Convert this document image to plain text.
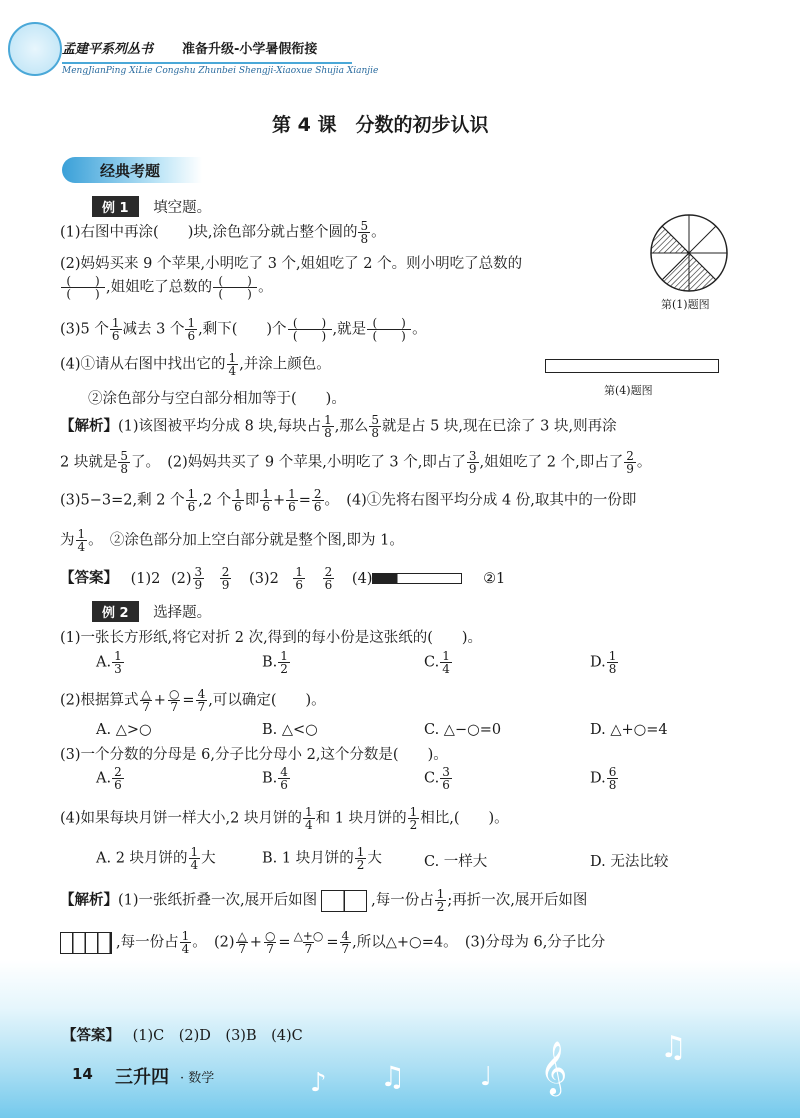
孟建平系列丛书 准备升级-小学暑假衔接
MengJianPing XiLie Congshu Zhunbei Shengji-Xiaoxue Shujia Xianjie
第 4 课　分数的初步认识
经典考题
例 1 填空题。
(1)右图中再涂(　　)块,涂色部分就占整个圆的 $\frac{5}{8}$ 。
(2)妈妈买来 9 个苹果,小明吃了 3 个,姐姐吃了 2 个。则小明吃了总数的
$\frac{( )}{( )}$ ,姐姐吃了总数的 $\frac{( )}{( )}$ 。
(3)5 个 $\frac{1}{6}$ 减去 3 个 $\frac{1}{6}$ ,剩下(　　)个 $\frac{( )}{( )}$ ,就是 $\frac{( )}{( )}$ 。
(4)①请从右图中找出它的 $\frac{1}{4}$ ,并涂上颜色。
②涂色部分与空白部分相加等于(　　)。
第(1)题图
第(4)题图
【解析】(1)该图被平均分成 8 块,每块占 $\frac{1}{8}$ ,那么 $\frac{5}{8}$ 就是占 5 块,现在已涂了 3 块,则再涂
2 块就是 $\frac{5}{8}$ 了。　(2)妈妈共买了 9 个苹果,小明吃了 3 个,即占了 $\frac{3}{9}$ ,姐姐吃了 2 个,即占了 $\frac{2}{9}$ 。
(3)5−3=2,剩 2 个 $\frac{1}{6} ,2$ 个 $\frac{1}{6}$ 即 $\frac{1}{6} + \frac{1}{6} = \frac{2}{6}$ 。　(4)①先将右图平均分成 4 份,取其中的一份即
为 $\frac{1}{4}$ 。　②涂色部分加上空白部分就是整个图,即为 1。
【答案】 (1)2 $(2) \frac{3}{9}$
$\frac{2}{9} (3)2 \frac{1}{6}$
$\frac{2}{6} (4)$	②1
例 2 选择题。
(1)一张长方形纸,将它对折 2 次,得到的每小份是这张纸的(　　)。
A. $\frac{1}{3}$	B. $\frac{1}{2}$	C. $\frac{1}{4}$	D. $\frac{1}{8}$
(2)根据算式 $\frac{\triangle}{7} + \frac{○}{7} = \frac{4}{7}$ ,可以确定(　　)。
A. △>○	B. △<○	C. △−○=0	D. △+○=4
(3)一个分数的分母是 6,分子比分母小 2,这个分数是(　　)。
A. $\frac{2}{6}$	B. $\frac{4}{6}$	C. $\frac{3}{6}$	D. $\frac{6}{8}$
(4)如果每块月饼一样大小,2 块月饼的 $\frac{1}{4}$ 和 1 块月饼的 $\frac{1}{2}$ 相比,(　　)。
A. 2 块月饼的 $\frac{1}{4}$ 大	B. 1 块月饼的 $\frac{1}{2}$ 大	C. 一样大	D. 无法比较
【解析】(1)一张纸折叠一次,展开后如图	,每一份占 $\frac{1}{2}$ ;再折一次,展开后如图
,每一份占 $\frac{1}{4}$ 。　$(2) \frac{\triangle}{7} + \frac{○}{7} = \frac{\triangle+○}{7} = \frac{4}{7}$ ,所以△+○=4。　(3)分母为 6,分子比分
【答案】 (1)C　(2)D　(3)B　(4)C
14 三升四 · 数学	♪ ♫	♩ 𝄞	♫
